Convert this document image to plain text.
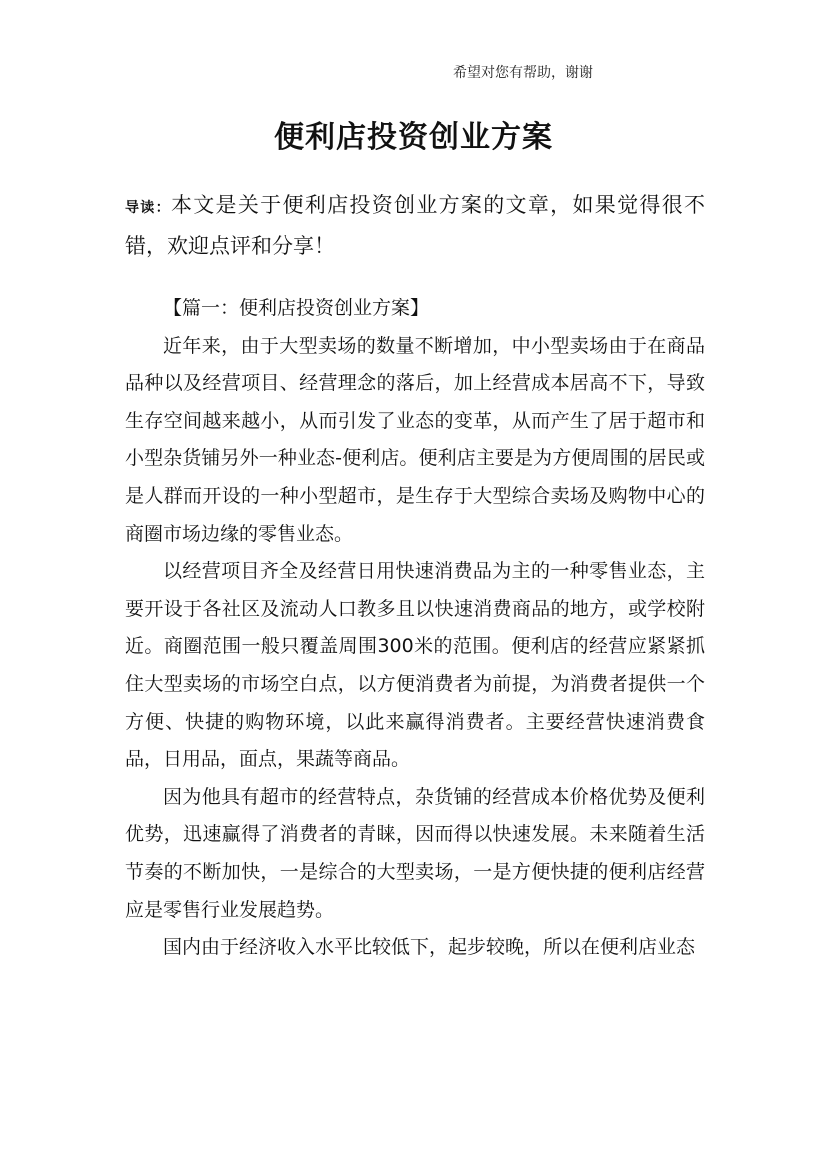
希望对您有帮助，谢谢
便利店投资创业方案
导读：本文是关于便利店投资创业方案的文章，如果觉得很不错，欢迎点评和分享！

【篇一：便利店投资创业方案】

近年来，由于大型卖场的数量不断增加，中小型卖场由于在商品品种以及经营项目、经营理念的落后，加上经营成本居高不下，导致生存空间越来越小，从而引发了业态的变革，从而产生了居于超市和小型杂货铺另外一种业态-便利店。便利店主要是为方便周围的居民或是人群而开设的一种小型超市，是生存于大型综合卖场及购物中心的商圈市场边缘的零售业态。

以经营项目齐全及经营日用快速消费品为主的一种零售业态，主要开设于各社区及流动人口教多且以快速消费商品的地方，或学校附近。商圈范围一般只覆盖周围300米的范围。便利店的经营应紧紧抓住大型卖场的市场空白点，以方便消费者为前提，为消费者提供一个方便、快捷的购物环境，以此来赢得消费者。主要经营快速消费食品，日用品，面点，果蔬等商品。

因为他具有超市的经营特点，杂货铺的经营成本价格优势及便利优势，迅速赢得了消费者的青睐，因而得以快速发展。未来随着生活节奏的不断加快，一是综合的大型卖场，一是方便快捷的便利店经营应是零售行业发展趋势。

国内由于经济收入水平比较低下，起步较晚，所以在便利店业态
